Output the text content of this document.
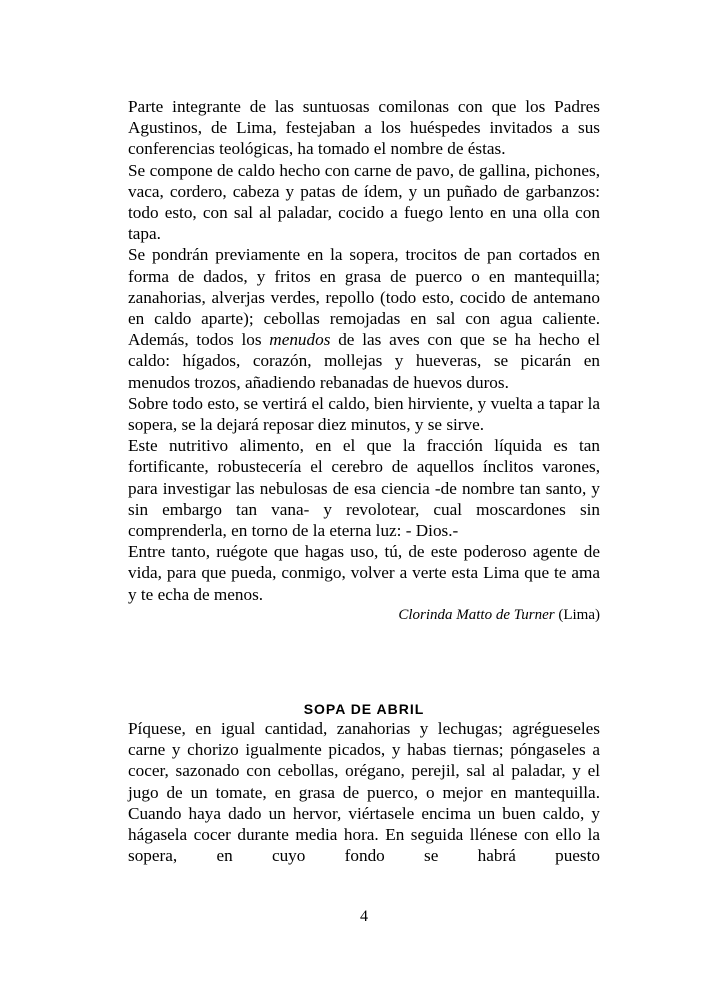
Parte integrante de las suntuosas comilonas con que los Padres Agustinos, de Lima, festejaban a los huéspedes invitados a sus conferencias teológicas, ha tomado el nombre de éstas.

Se compone de caldo hecho con carne de pavo, de gallina, pichones, vaca, cordero, cabeza y patas de ídem, y un puñado de garbanzos: todo esto, con sal al paladar, cocido a fuego lento en una olla con tapa.

Se pondrán previamente en la sopera, trocitos de pan cortados en forma de dados, y fritos en grasa de puerco o en mantequilla; zanahorias, alverjas verdes, repollo (todo esto, cocido de antemano en caldo aparte); cebollas remojadas en sal con agua caliente. Además, todos los menudos de las aves con que se ha hecho el caldo: hígados, corazón, mollejas y hueveras, se picarán en menudos trozos, añadiendo rebanadas de huevos duros.

Sobre todo esto, se vertirá el caldo, bien hirviente, y vuelta a tapar la sopera, se la dejará reposar diez minutos, y se sirve.

Este nutritivo alimento, en el que la fracción líquida es tan fortificante, robustecería el cerebro de aquellos ínclitos varones, para investigar las nebulosas de esa ciencia -de nombre tan santo, y sin embargo tan vana- y revolotear, cual moscardones sin comprenderla, en torno de la eterna luz: - Dios.-

Entre tanto, ruégote que hagas uso, tú, de este poderoso agente de vida, para que pueda, conmigo, volver a verte esta Lima que te ama y te echa de menos.

Clorinda Matto de Turner (Lima)

SOPA DE ABRIL

Píquese, en igual cantidad, zanahorias y lechugas; agrégueseles carne y chorizo igualmente picados, y habas tiernas; póngaseles a cocer, sazonado con cebollas, orégano, perejil, sal al paladar, y el jugo de un tomate, en grasa de puerco, o mejor en mantequilla. Cuando haya dado un hervor, viértasele encima un buen caldo, y hágasela cocer durante media hora. En seguida llénese con ello la sopera, en cuyo fondo se habrá puesto

4
